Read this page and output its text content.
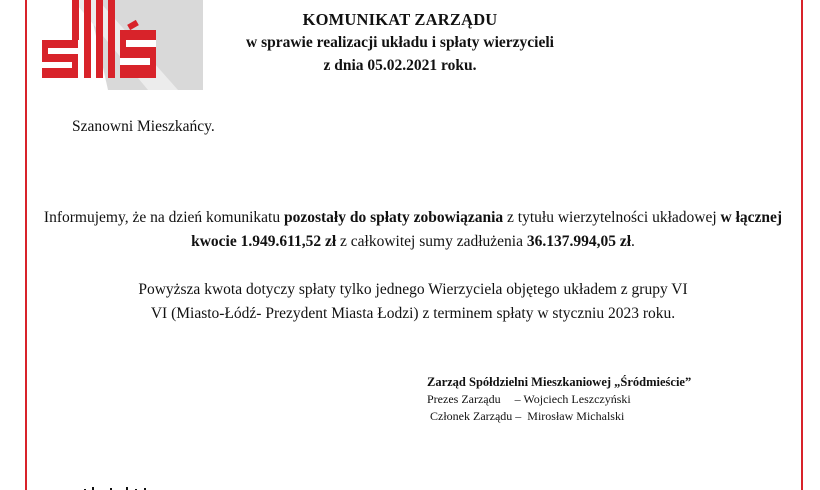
KOMUNIKAT ZARZĄDU
w sprawie realizacji układu i spłaty wierzycieli
z dnia 05.02.2021 roku.
Szanowni Mieszkańcy.
Informujemy, że na dzień komunikatu pozostały do spłaty zobowiązania z tytułu wierzytelności układowej w łącznej kwocie 1.949.611,52 zł z całkowitej sumy zadłużenia 36.137.994,05 zł.
Powyższa kwota dotyczy spłaty tylko jednego Wierzyciela objętego układem z grupy VI
VI (Miasto-Łódź- Prezydent Miasta Łodzi) z terminem spłaty w styczniu 2023 roku.
Zarząd Spółdzielni Mieszkaniowej „Śródmieście”
Prezes Zarządu – Wojciech Leszczyński
Członek Zarządu – Mirosław Michalski
